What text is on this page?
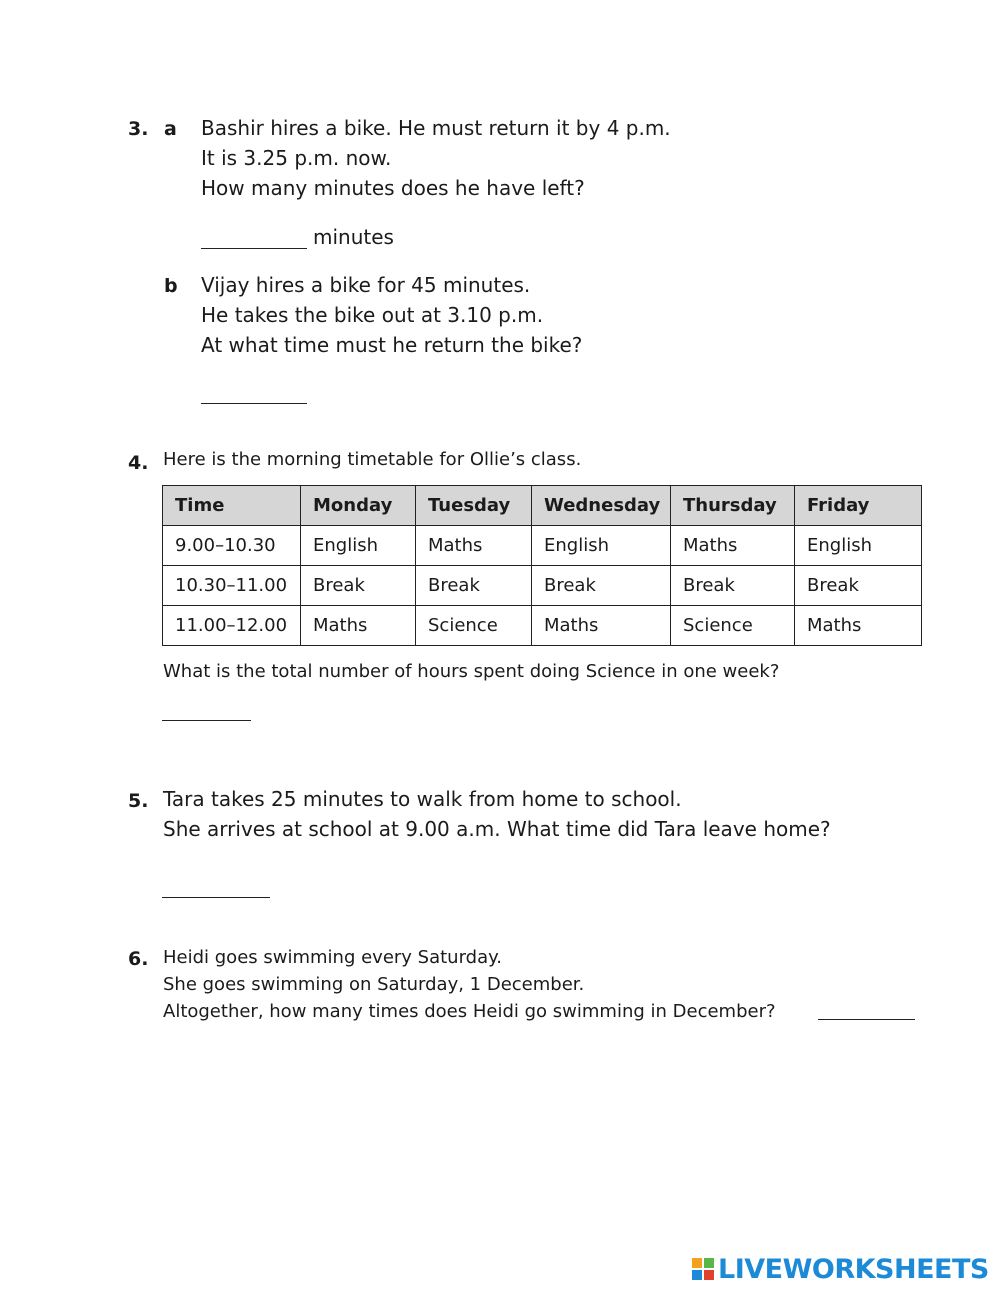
3. a Bashir hires a bike. He must return it by 4 p.m.
It is 3.25 p.m. now.
How many minutes does he have left?
minutes
b Vijay hires a bike for 45 minutes.
He takes the bike out at 3.10 p.m.
At what time must he return the bike?
4. Here is the morning timetable for Ollie’s class.
Time	Monday	Tuesday	Wednesday	Thursday	Friday
9.00–10.30	English	Maths	English	Maths	English
10.30–11.00	Break	Break	Break	Break	Break
11.00–12.00	Maths	Science	Maths	Science	Maths
What is the total number of hours spent doing Science in one week?
5. Tara takes 25 minutes to walk from home to school.
She arrives at school at 9.00 a.m. What time did Tara leave home?
6. Heidi goes swimming every Saturday.
She goes swimming on Saturday, 1 December.
Altogether, how many times does Heidi go swimming in December?
LIVEWORKSHEETS
